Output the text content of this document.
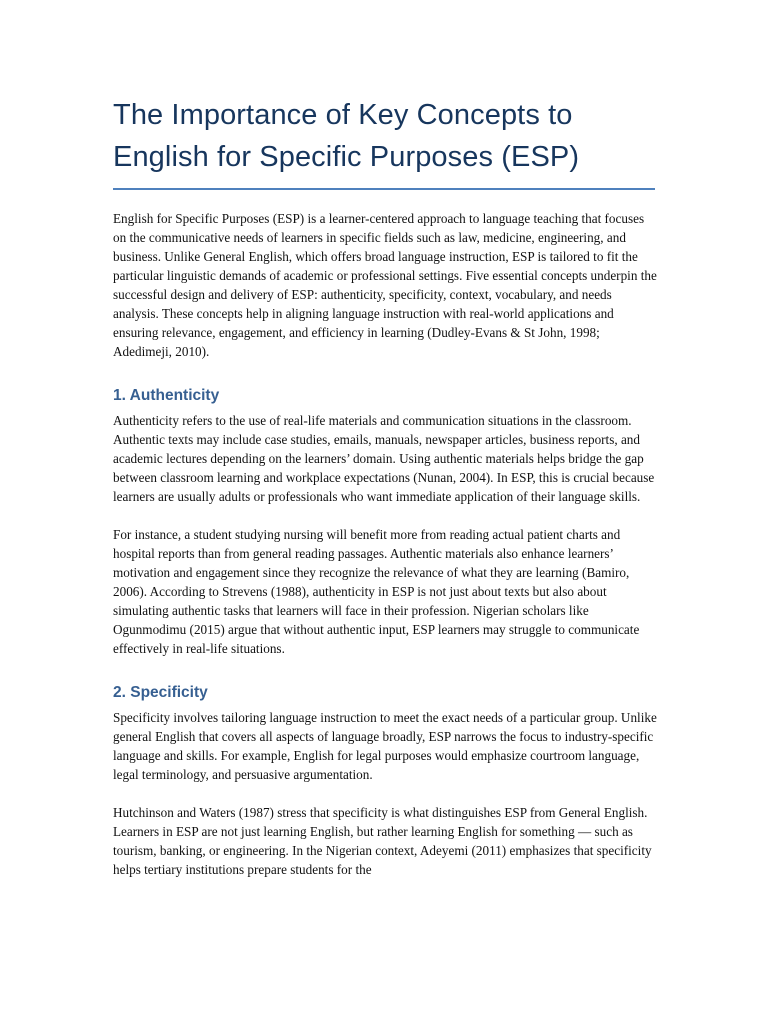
The Importance of Key Concepts to English for Specific Purposes (ESP)

English for Specific Purposes (ESP) is a learner-centered approach to language teaching that focuses on the communicative needs of learners in specific fields such as law, medicine, engineering, and business. Unlike General English, which offers broad language instruction, ESP is tailored to fit the particular linguistic demands of academic or professional settings. Five essential concepts underpin the successful design and delivery of ESP: authenticity, specificity, context, vocabulary, and needs analysis. These concepts help in aligning language instruction with real-world applications and ensuring relevance, engagement, and efficiency in learning (Dudley-Evans & St John, 1998; Adedimeji, 2010).

1. Authenticity

Authenticity refers to the use of real-life materials and communication situations in the classroom. Authentic texts may include case studies, emails, manuals, newspaper articles, business reports, and academic lectures depending on the learners’ domain. Using authentic materials helps bridge the gap between classroom learning and workplace expectations (Nunan, 2004). In ESP, this is crucial because learners are usually adults or professionals who want immediate application of their language skills.

For instance, a student studying nursing will benefit more from reading actual patient charts and hospital reports than from general reading passages. Authentic materials also enhance learners’ motivation and engagement since they recognize the relevance of what they are learning (Bamiro, 2006). According to Strevens (1988), authenticity in ESP is not just about texts but also about simulating authentic tasks that learners will face in their profession. Nigerian scholars like Ogunmodimu (2015) argue that without authentic input, ESP learners may struggle to communicate effectively in real-life situations.

2. Specificity

Specificity involves tailoring language instruction to meet the exact needs of a particular group. Unlike general English that covers all aspects of language broadly, ESP narrows the focus to industry-specific language and skills. For example, English for legal purposes would emphasize courtroom language, legal terminology, and persuasive argumentation.

Hutchinson and Waters (1987) stress that specificity is what distinguishes ESP from General English. Learners in ESP are not just learning English, but rather learning English for something — such as tourism, banking, or engineering. In the Nigerian context, Adeyemi (2011) emphasizes that specificity helps tertiary institutions prepare students for the
